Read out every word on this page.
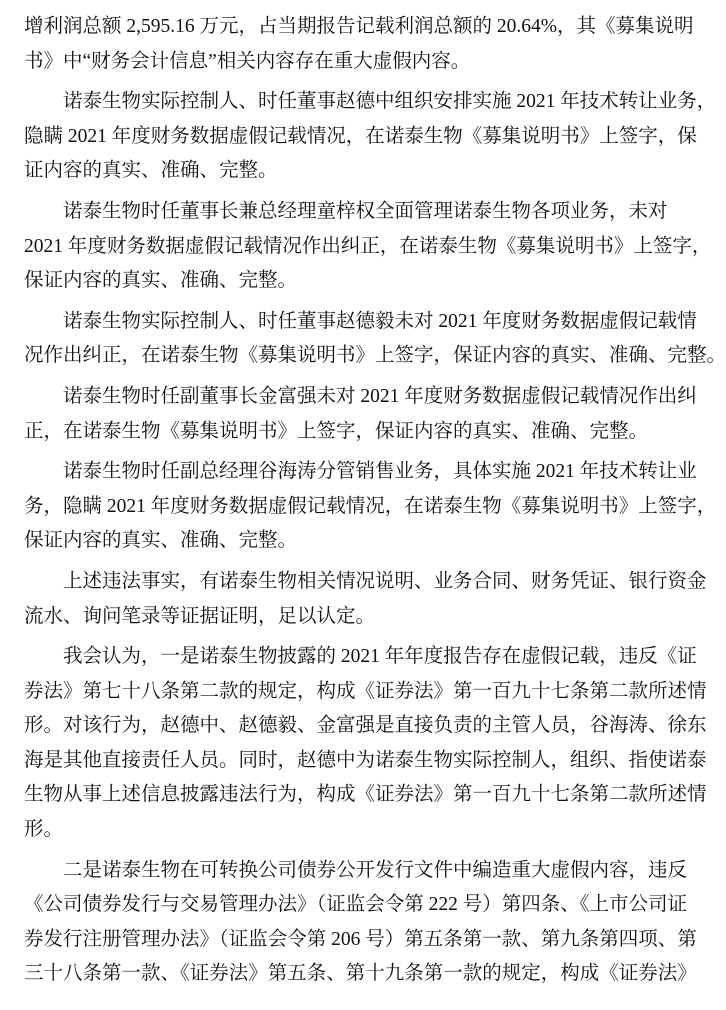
增利润总额 2,595.16 万元，占当期报告记载利润总额的 20.64%，其《募集说明
书》中“财务会计信息”相关内容存在重大虚假内容。
诺泰生物实际控制人、时任董事赵德中组织安排实施 2021 年技术转让业务，
隐瞒 2021 年度财务数据虚假记载情况，在诺泰生物《募集说明书》上签字，保
证内容的真实、准确、完整。
诺泰生物时任董事长兼总经理童梓权全面管理诺泰生物各项业务，未对
2021 年度财务数据虚假记载情况作出纠正，在诺泰生物《募集说明书》上签字，
保证内容的真实、准确、完整。
诺泰生物实际控制人、时任董事赵德毅未对 2021 年度财务数据虚假记载情
况作出纠正，在诺泰生物《募集说明书》上签字，保证内容的真实、准确、完整。
诺泰生物时任副董事长金富强未对 2021 年度财务数据虚假记载情况作出纠
正，在诺泰生物《募集说明书》上签字，保证内容的真实、准确、完整。
诺泰生物时任副总经理谷海涛分管销售业务，具体实施 2021 年技术转让业
务，隐瞒 2021 年度财务数据虚假记载情况，在诺泰生物《募集说明书》上签字，
保证内容的真实、准确、完整。
上述违法事实，有诺泰生物相关情况说明、业务合同、财务凭证、银行资金
流水、询问笔录等证据证明，足以认定。
我会认为，一是诺泰生物披露的 2021 年年度报告存在虚假记载，违反《证
券法》第七十八条第二款的规定，构成《证券法》第一百九十七条第二款所述情
形。对该行为，赵德中、赵德毅、金富强是直接负责的主管人员，谷海涛、徐东
海是其他直接责任人员。同时，赵德中为诺泰生物实际控制人，组织、指使诺泰
生物从事上述信息披露违法行为，构成《证券法》第一百九十七条第二款所述情
形。
二是诺泰生物在可转换公司债券公开发行文件中编造重大虚假内容，违反
《公司债券发行与交易管理办法》（证监会令第 222 号）第四条、《上市公司证
券发行注册管理办法》（证监会令第 206 号）第五条第一款、第九条第四项、第
三十八条第一款、《证券法》第五条、第十九条第一款的规定，构成《证券法》
